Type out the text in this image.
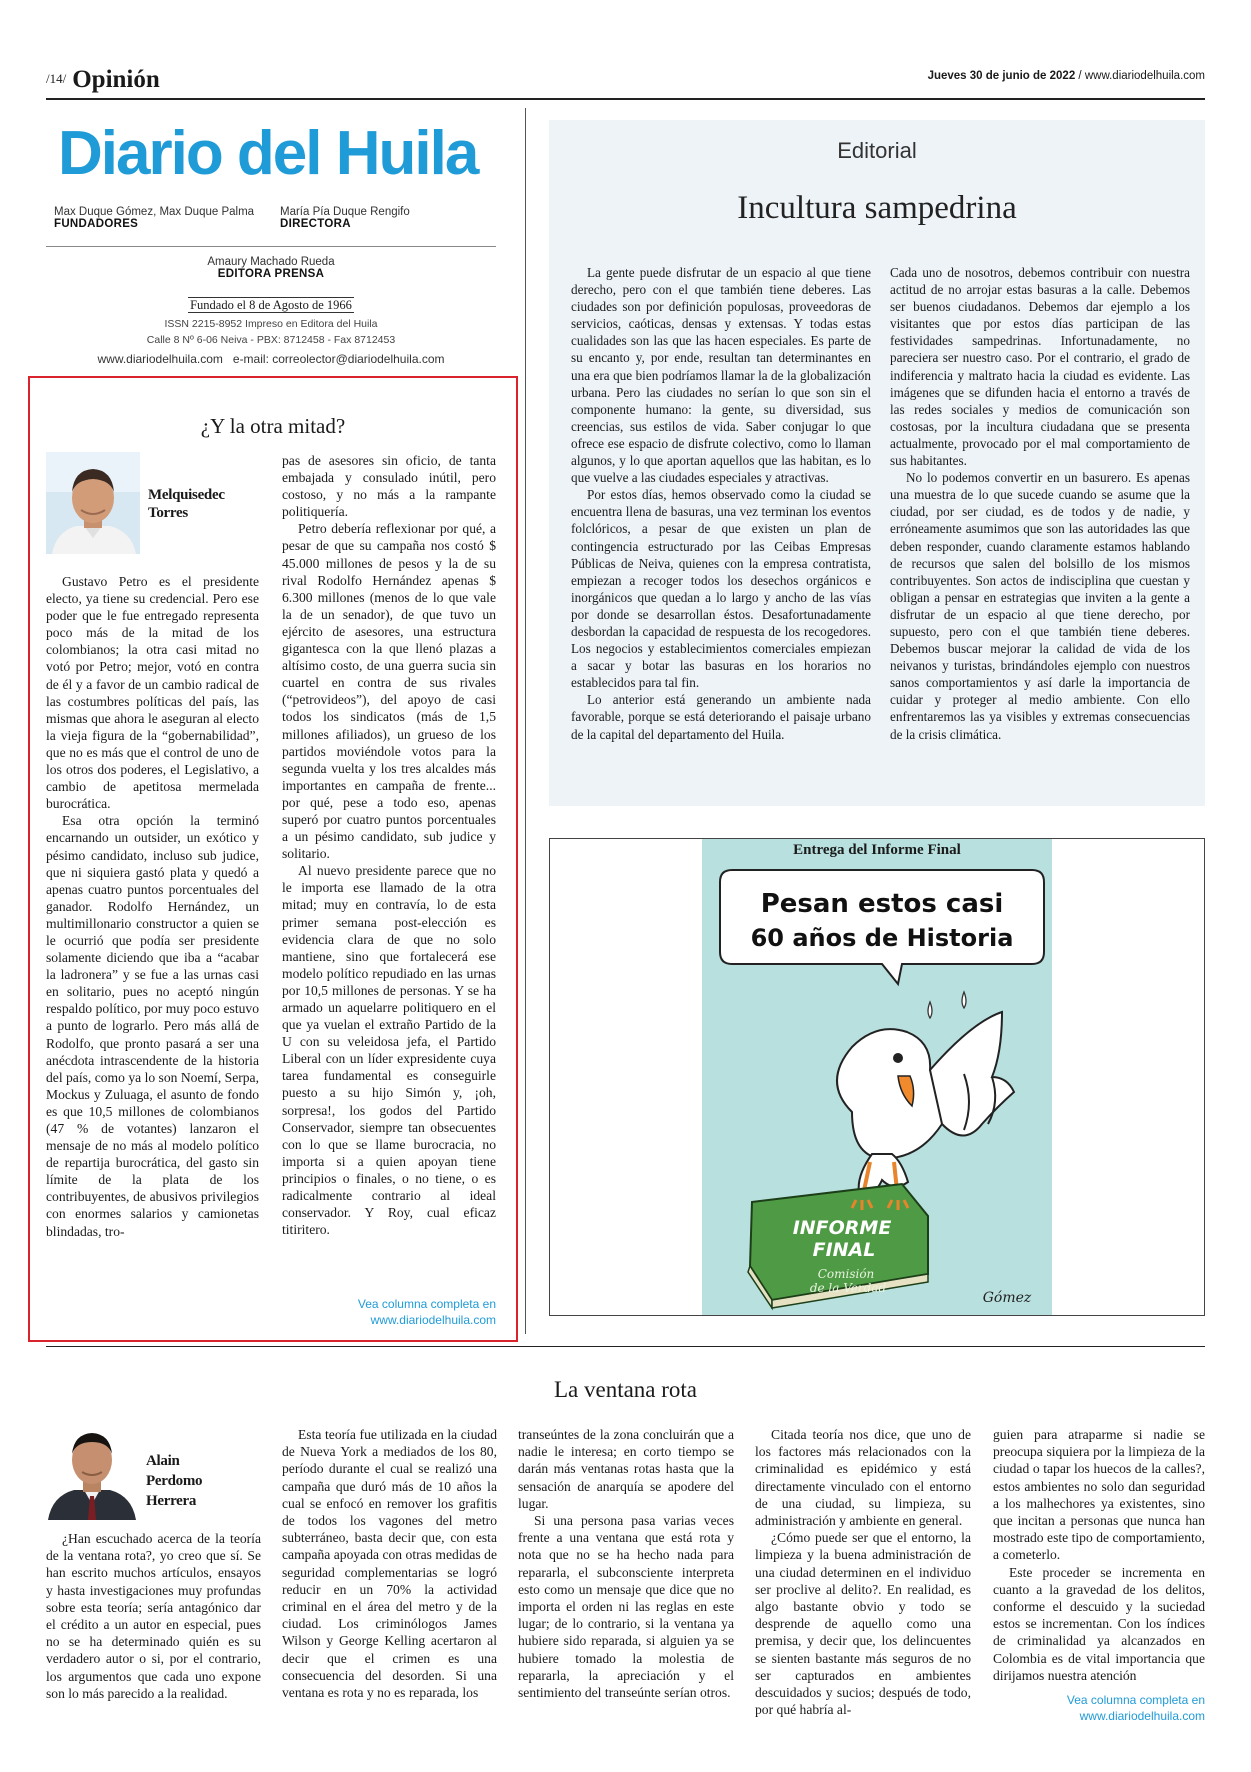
/14/ Opinión	Jueves 30 de junio de 2022 / www.diariodelhuila.com
Diario del Huila
Max Duque Gómez, Max Duque Palma
FUNDADORES
María Pía Duque Rengifo
DIRECTORA
Amaury Machado Rueda
EDITORA PRENSA
Fundado el 8 de Agosto de 1966
ISSN 2215-8952 Impreso en Editora del Huila
Calle 8 Nº 6-06 Neiva - PBX: 8712458 - Fax 8712453
www.diariodelhuila.com e-mail: correolector@diariodelhuila.com
¿Y la otra mitad?
Melquisedec
Torres

Gustavo Petro es el presidente electo, ya tiene su credencial. Pero ese poder que le fue entregado representa poco más de la mitad de los colombianos; la otra casi mitad no votó por Petro; mejor, votó en contra de él y a favor de un cambio radical de las costumbres políticas del país, las mismas que ahora le aseguran al electo la vieja figura de la “gobernabilidad”, que no es más que el control de uno de los otros dos poderes, el Legislativo, a cambio de apetitosa mermelada burocrática.

Esa otra opción la terminó encarnando un outsider, un exótico y pésimo candidato, incluso sub judice, que ni siquiera gastó plata y quedó a apenas cuatro puntos porcentuales del ganador. Rodolfo Hernández, un multimillonario constructor a quien se le ocurrió que podía ser presidente solamente diciendo que iba a “acabar la ladronera” y se fue a las urnas casi en solitario, pues no aceptó ningún respaldo político, por muy poco estuvo a punto de lograrlo. Pero más allá de Rodolfo, que pronto pasará a ser una anécdota intrascendente de la historia del país, como ya lo son Noemí, Serpa, Mockus y Zuluaga, el asunto de fondo es que 10,5 millones de colombianos (47 % de votantes) lanzaron el mensaje de no más al modelo político de repartija burocrática, del gasto sin límite de la plata de los contribuyentes, de abusivos privilegios con enormes salarios y camionetas blindadas, tro-

pas de asesores sin oficio, de tanta embajada y consulado inútil, pero costoso, y no más a la rampante politiquería.

Petro debería reflexionar por qué, a pesar de que su campaña nos costó $ 45.000 millones de pesos y la de su rival Rodolfo Hernández apenas $ 6.300 millones (menos de lo que vale la de un senador), de que tuvo un ejército de asesores, una estructura gigantesca con la que llenó plazas a altísimo costo, de una guerra sucia sin cuartel en contra de sus rivales (“petrovideos”), del apoyo de casi todos los sindicatos (más de 1,5 millones afiliados), un grueso de los partidos moviéndole votos para la segunda vuelta y los tres alcaldes más importantes en campaña de frente... por qué, pese a todo eso, apenas superó por cuatro puntos porcentuales a un pésimo candidato, sub judice y solitario.

Al nuevo presidente parece que no le importa ese llamado de la otra mitad; muy en contravía, lo de esta primer semana post-elección es evidencia clara de que no solo mantiene, sino que fortalecerá ese modelo político repudiado en las urnas por 10,5 millones de personas. Y se ha armado un aquelarre politiquero en el que ya vuelan el extraño Partido de la U con su veleidosa jefa, el Partido Liberal con un líder expresidente cuya tarea fundamental es conseguirle puesto a su hijo Simón y, ¡oh, sorpresa!, los godos del Partido Conservador, siempre tan obsecuentes con lo que se llame burocracia, no importa si a quien apoyan tiene principios o finales, o no tiene, o es radicalmente contrario al ideal conservador. Y Roy, cual eficaz titiritero.

Vea columna completa en
www.diariodelhuila.com
Editorial
Incultura sampedrina

La gente puede disfrutar de un espacio al que tiene derecho, pero con el que también tiene deberes. Las ciudades son por definición populosas, proveedoras de servicios, caóticas, densas y extensas. Y todas estas cualidades son las que las hacen especiales. Es parte de su encanto y, por ende, resultan tan determinantes en una era que bien podríamos llamar la de la globalización urbana. Pero las ciudades no serían lo que son sin el componente humano: la gente, su diversidad, sus creencias, sus estilos de vida. Saber conjugar lo que ofrece ese espacio de disfrute colectivo, como lo llaman algunos, y lo que aportan aquellos que las habitan, es lo que vuelve a las ciudades especiales y atractivas.

Por estos días, hemos observado como la ciudad se encuentra llena de basuras, una vez terminan los eventos folclóricos, a pesar de que existen un plan de contingencia estructurado por las Ceibas Empresas Públicas de Neiva, quienes con la empresa contratista, empiezan a recoger todos los desechos orgánicos e inorgánicos que quedan a lo largo y ancho de las vías por donde se desarrollan éstos. Desafortunadamente desbordan la capacidad de respuesta de los recogedores. Los negocios y establecimientos comerciales empiezan a sacar y botar las basuras en los horarios no establecidos para tal fin.

Lo anterior está generando un ambiente nada favorable, porque se está deteriorando el paisaje urbano de la capital del departamento del Huila.

Cada uno de nosotros, debemos contribuir con nuestra actitud de no arrojar estas basuras a la calle. Debemos ser buenos ciudadanos. Debemos dar ejemplo a los visitantes que por estos días participan de las festividades sampedrinas. Infortunadamente, no pareciera ser nuestro caso. Por el contrario, el grado de indiferencia y maltrato hacia la ciudad es evidente. Las imágenes que se difunden hacia el entorno a través de las redes sociales y medios de comunicación son costosas, por la incultura ciudadana que se presenta actualmente, provocado por el mal comportamiento de sus habitantes.

No lo podemos convertir en un basurero. Es apenas una muestra de lo que sucede cuando se asume que la ciudad, por ser ciudad, es de todos y de nadie, y erróneamente asumimos que son las autoridades las que deben responder, cuando claramente estamos hablando de recursos que salen del bolsillo de los mismos contribuyentes. Son actos de indisciplina que cuestan y obligan a pensar en estrategias que inviten a la gente a disfrutar de un espacio al que tiene derecho, por supuesto, pero con el que también tiene deberes. Debemos buscar mejorar la calidad de vida de los neivanos y turistas, brindándoles ejemplo con nuestros sanos comportamientos y así darle la importancia de cuidar y proteger al medio ambiente. Con ello enfrentaremos las ya visibles y extremas consecuencias de la crisis climática.

Entrega del Informe Final
Pesan estos casi
60 años de Historia
INFORME
FINAL
Comisión
de la Verdad
Gómez
La ventana rota
Alain
Perdomo
Herrera

¿Han escuchado acerca de la teoría de la ventana rota?, yo creo que sí. Se han escrito muchos artículos, ensayos y hasta investigaciones muy profundas sobre esta teoría; sería antagónico dar el crédito a un autor en especial, pues no se ha determinado quién es su verdadero autor o si, por el contrario, los argumentos que cada uno expone son lo más parecido a la realidad.

Esta teoría fue utilizada en la ciudad de Nueva York a mediados de los 80, período durante el cual se realizó una campaña que duró más de 10 años la cual se enfocó en remover los grafitis de todos los vagones del metro subterráneo, basta decir que, con esta campaña apoyada con otras medidas de seguridad complementarias se logró reducir en un 70% la actividad criminal en el área del metro y de la ciudad. Los criminólogos James Wilson y George Kelling acertaron al decir que el crimen es una consecuencia del desorden. Si una ventana es rota y no es reparada, los

transeúntes de la zona concluirán que a nadie le interesa; en corto tiempo se darán más ventanas rotas hasta que la sensación de anarquía se apodere del lugar.

Si una persona pasa varias veces frente a una ventana que está rota y nota que no se ha hecho nada para repararla, el subconsciente interpreta esto como un mensaje que dice que no importa el orden ni las reglas en este lugar; de lo contrario, si la ventana ya hubiere sido reparada, si alguien ya se hubiere tomado la molestia de repararla, la apreciación y el sentimiento del transeúnte serían otros.

Citada teoría nos dice, que uno de los factores más relacionados con la criminalidad es epidémico y está directamente vinculado con el entorno de una ciudad, su limpieza, su administración y ambiente en general.

¿Cómo puede ser que el entorno, la limpieza y la buena administración de una ciudad determinen en el individuo ser proclive al delito?. En realidad, es algo bastante obvio y todo se desprende de aquello como una premisa, y decir que, los delincuentes se sienten bastante más seguros de no ser capturados en ambientes descuidados y sucios; después de todo, por qué habría al-

guien para atraparme si nadie se preocupa siquiera por la limpieza de la ciudad o tapar los huecos de la calles?, estos ambientes no solo dan seguridad a los malhechores ya existentes, sino que incitan a personas que nunca han mostrado este tipo de comportamiento, a cometerlo.

Este proceder se incrementa en cuanto a la gravedad de los delitos, conforme el descuido y la suciedad estos se incrementan. Con los índices de criminalidad ya alcanzados en Colombia es de vital importancia que dirijamos nuestra atención

Vea columna completa en
www.diariodelhuila.com
